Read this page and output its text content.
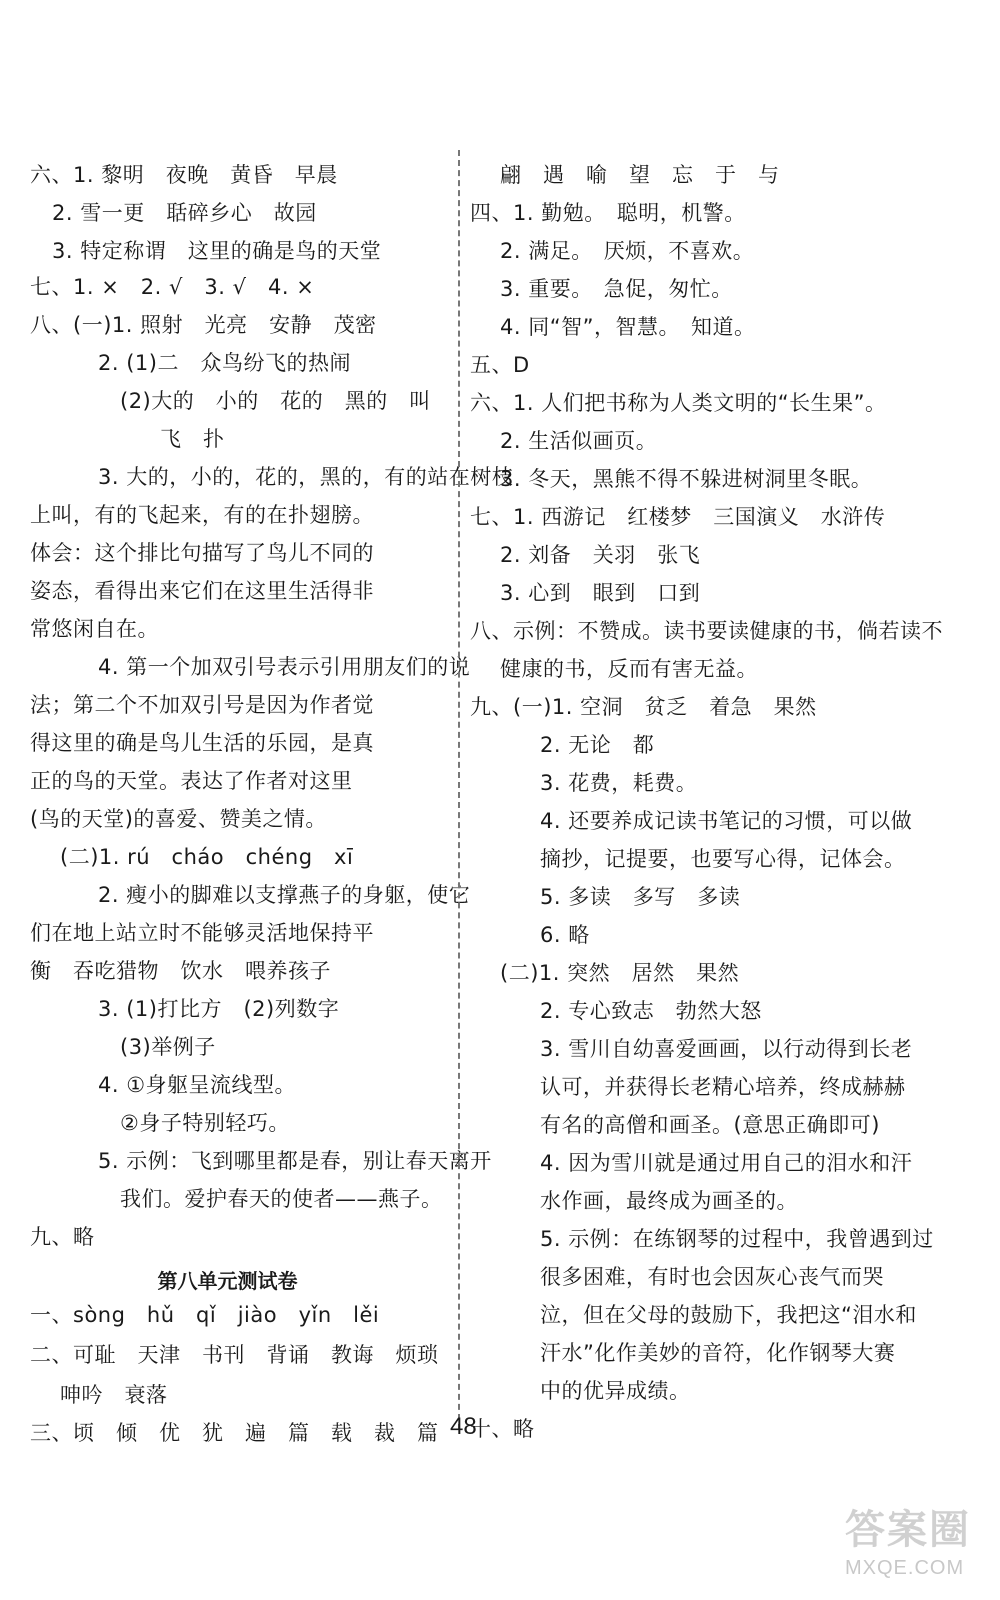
六、1. 黎明　夜晚　黄昏　早晨
2. 雪一更　聒碎乡心　故园
3. 特定称谓　这里的确是鸟的天堂
七、1. ×　2. √　3. √　4. ×
八、(一)1. 照射　光亮　安静　茂密
2. (1)二　众鸟纷飞的热闹
(2)大的　小的　花的　黑的　叫
飞　扑
3. 大的，小的，花的，黑的，有的站在树枝
上叫，有的飞起来，有的在扑翅膀。
体会：这个排比句描写了鸟儿不同的
姿态，看得出来它们在这里生活得非
常悠闲自在。
4. 第一个加双引号表示引用朋友们的说
法；第二个不加双引号是因为作者觉
得这里的确是鸟儿生活的乐园，是真
正的鸟的天堂。表达了作者对这里
(鸟的天堂)的喜爱、赞美之情。
(二)1. rú　cháo　chéng　xī
2. 瘦小的脚难以支撑燕子的身躯，使它
们在地上站立时不能够灵活地保持平
衡　吞吃猎物　饮水　喂养孩子
3. (1)打比方　(2)列数字
(3)举例子
4. ①身躯呈流线型。
②身子特别轻巧。
5. 示例：飞到哪里都是春，别让春天离开
我们。爱护春天的使者——燕子。
九、略
一、sòng　hǔ　qǐ　jiào　yǐn　lěi
二、可耻　天津　书刊　背诵　教诲　烦琐
呻吟　衰落
三、顷　倾　优　犹　遍　篇　载　裁　篇
翩　遇　喻　望　忘　于　与
四、1. 勤勉。　聪明，机警。
2. 满足。　厌烦，不喜欢。
3. 重要。　急促，匆忙。
4. 同“智”，智慧。　知道。
五、D
六、1. 人们把书称为人类文明的“长生果”。
2. 生活似画页。
3. 冬天，黑熊不得不躲进树洞里冬眠。
七、1. 西游记　红楼梦　三国演义　水浒传
2. 刘备　关羽　张飞
3. 心到　眼到　口到
八、示例：不赞成。读书要读健康的书，倘若读不
健康的书，反而有害无益。
九、(一)1. 空洞　贫乏　着急　果然
2. 无论　都
3. 花费，耗费。
4. 还要养成记读书笔记的习惯，可以做
摘抄，记提要，也要写心得，记体会。
5. 多读　多写　多读
6. 略
(二)1. 突然　居然　果然
2. 专心致志　勃然大怒
3. 雪川自幼喜爱画画，以行动得到长老
认可，并获得长老精心培养，终成赫赫
有名的高僧和画圣。(意思正确即可)
4. 因为雪川就是通过用自己的泪水和汗
水作画，最终成为画圣的。
5. 示例：在练钢琴的过程中，我曾遇到过
很多困难，有时也会因灰心丧气而哭
泣，但在父母的鼓励下，我把这“泪水和
汗水”化作美妙的音符，化作钢琴大赛
中的优异成绩。
十、略
第八单元测试卷
48
答案圈
MXQE.COM
